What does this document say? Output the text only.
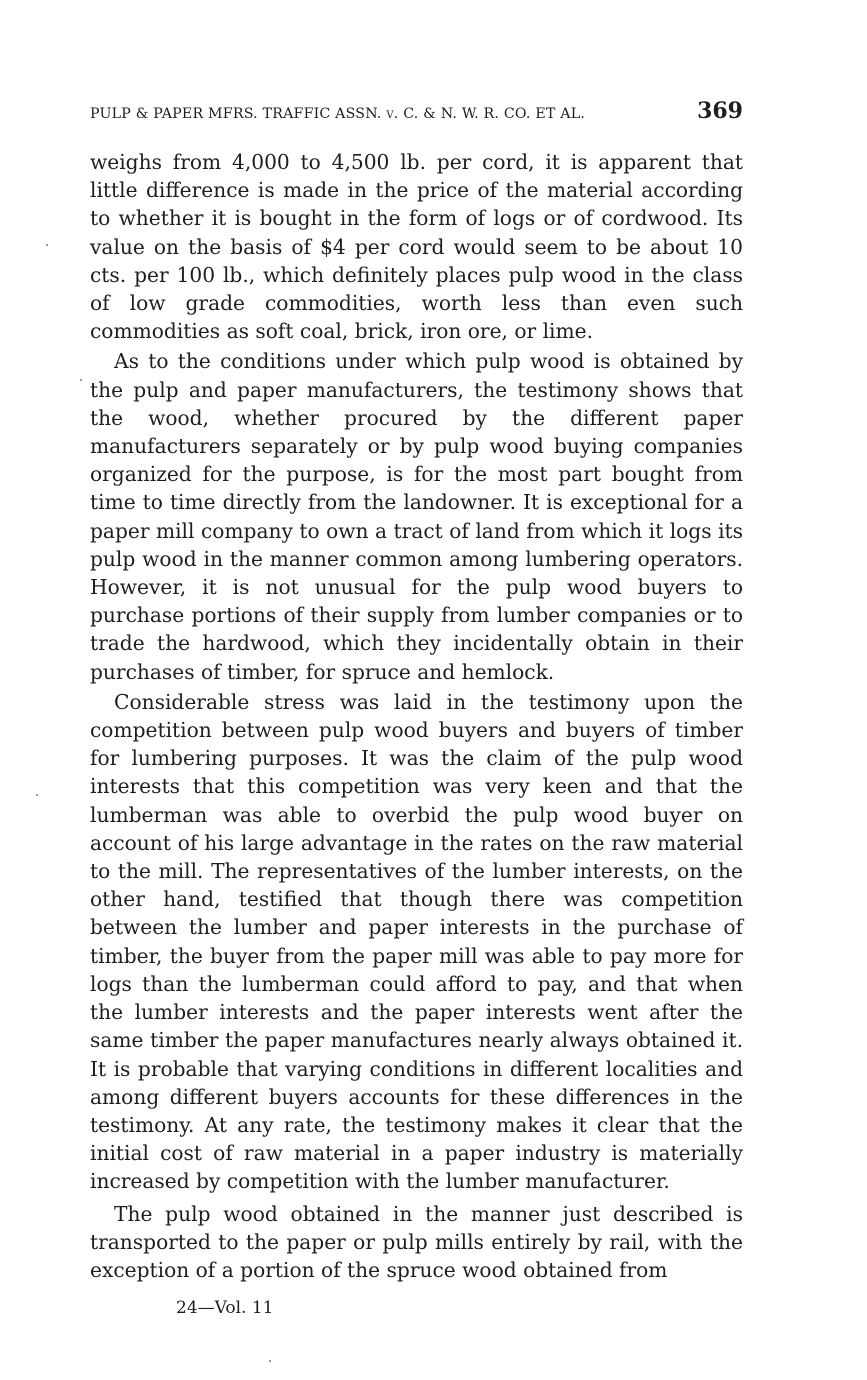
PULP & PAPER MFRS. TRAFFIC ASSN. v. C. & N. W. R. CO. ET AL.	369

weighs from 4,000 to 4,500 lb. per cord, it is apparent that little difference is made in the price of the material according to whether it is bought in the form of logs or of cordwood. Its value on the basis of $4 per cord would seem to be about 10 cts. per 100 lb., which definitely places pulp wood in the class of low grade commodities, worth less than even such commodities as soft coal, brick, iron ore, or lime.

As to the conditions under which pulp wood is obtained by the pulp and paper manufacturers, the testimony shows that the wood, whether procured by the different paper manufacturers separately or by pulp wood buying companies organized for the purpose, is for the most part bought from time to time directly from the landowner. It is exceptional for a paper mill company to own a tract of land from which it logs its pulp wood in the manner common among lumbering operators. However, it is not unusual for the pulp wood buyers to purchase portions of their supply from lumber companies or to trade the hardwood, which they incidentally obtain in their purchases of timber, for spruce and hemlock.

Considerable stress was laid in the testimony upon the competition between pulp wood buyers and buyers of timber for lumbering purposes. It was the claim of the pulp wood interests that this competition was very keen and that the lumberman was able to overbid the pulp wood buyer on account of his large advantage in the rates on the raw material to the mill. The representatives of the lumber interests, on the other hand, testified that though there was competition between the lumber and paper interests in the purchase of timber, the buyer from the paper mill was able to pay more for logs than the lumberman could afford to pay, and that when the lumber interests and the paper interests went after the same timber the paper manufactures nearly always obtained it. It is probable that varying conditions in different localities and among different buyers accounts for these differences in the testimony. At any rate, the testimony makes it clear that the initial cost of raw material in a paper industry is materially increased by competition with the lumber manufacturer.

The pulp wood obtained in the manner just described is transported to the paper or pulp mills entirely by rail, with the exception of a portion of the spruce wood obtained from

24—Vol. 11
